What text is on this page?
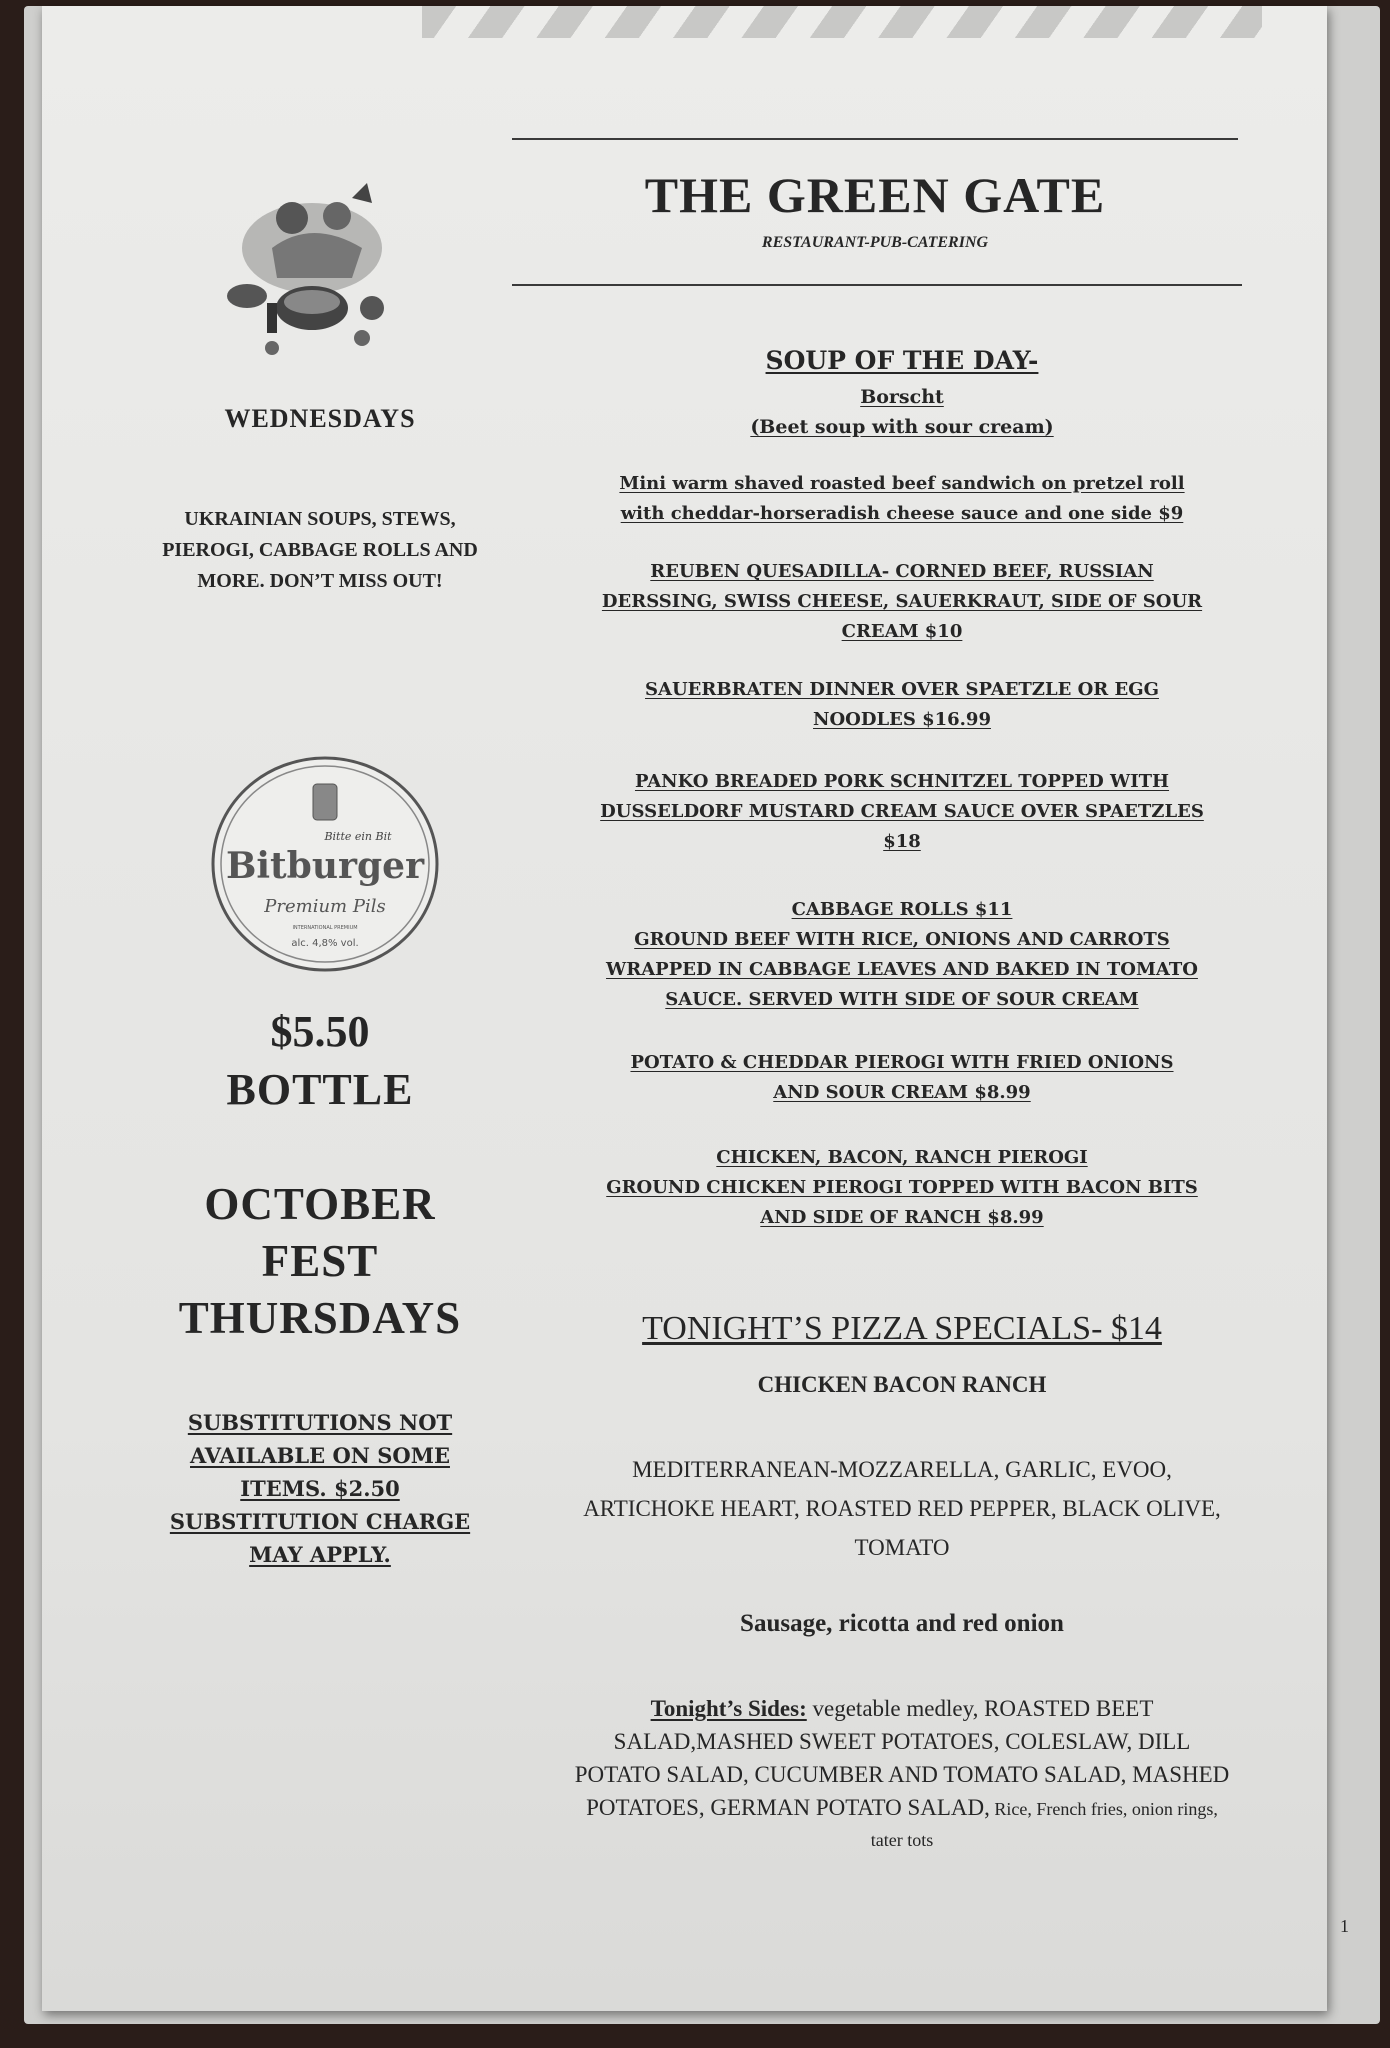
THE GREEN GATE
RESTAURANT-PUB-CATERING
WEDNESDAYS
UKRAINIAN SOUPS, STEWS,
PIEROGI, CABBAGE ROLLS AND
MORE. DON’T MISS OUT!
Bitte ein Bit
Bitburger
Premium Pils
INTERNATIONAL PREMIUM
alc. 4,8% vol.
$5.50
BOTTLE
OCTOBER
FEST
THURSDAYS
SUBSTITUTIONS NOT
AVAILABLE ON SOME
ITEMS. $2.50
SUBSTITUTION CHARGE
MAY APPLY.
SOUP OF THE DAY-
Borscht
(Beet soup with sour cream)
Mini warm shaved roasted beef sandwich on pretzel roll
with cheddar-horseradish cheese sauce and one side $9
REUBEN QUESADILLA- CORNED BEEF, RUSSIAN
DERSSING, SWISS CHEESE, SAUERKRAUT, SIDE OF SOUR
CREAM $10
SAUERBRATEN DINNER OVER SPAETZLE OR EGG
NOODLES $16.99
PANKO BREADED PORK SCHNITZEL TOPPED WITH
DUSSELDORF MUSTARD CREAM SAUCE OVER SPAETZLES
$18
CABBAGE ROLLS $11
GROUND BEEF WITH RICE, ONIONS AND CARROTS
WRAPPED IN CABBAGE LEAVES AND BAKED IN TOMATO
SAUCE. SERVED WITH SIDE OF SOUR CREAM
POTATO & CHEDDAR PIEROGI WITH FRIED ONIONS
AND SOUR CREAM $8.99
CHICKEN, BACON, RANCH PIEROGI
GROUND CHICKEN PIEROGI TOPPED WITH BACON BITS
AND SIDE OF RANCH $8.99
TONIGHT’S PIZZA SPECIALS- $14
CHICKEN BACON RANCH
MEDITERRANEAN-MOZZARELLA, GARLIC, EVOO,
ARTICHOKE HEART, ROASTED RED PEPPER, BLACK OLIVE,
TOMATO
Sausage, ricotta and red onion
Tonight’s Sides: vegetable medley, ROASTED BEET
SALAD,MASHED SWEET POTATOES, COLESLAW, DILL
POTATO SALAD, CUCUMBER AND TOMATO SALAD, MASHED
POTATOES, GERMAN POTATO SALAD, Rice, French fries, onion rings,
tater tots
1
